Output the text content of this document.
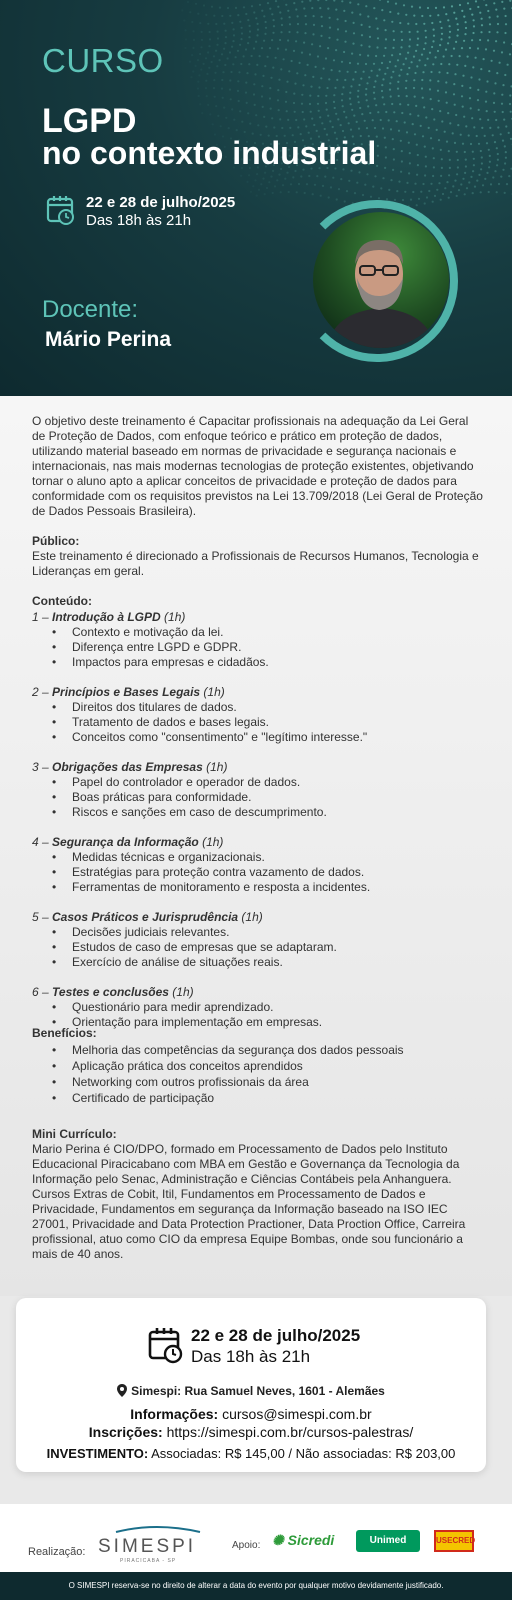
CURSO
LGPD
no contexto industrial
22 e 28 de julho/2025
Das 18h às 21h
Docente:
Mário Perina
O objetivo deste treinamento é Capacitar profissionais na adequação da Lei Geral de Proteção de Dados, com enfoque teórico e prático em proteção de dados, utilizando material baseado em normas de privacidade e segurança nacionais e internacionais, nas mais modernas tecnologias de proteção existentes, objetivando tornar o aluno apto a aplicar conceitos de privacidade e proteção de dados para conformidade com os requisitos previstos na Lei 13.709/2018 (Lei Geral de Proteção de Dados Pessoais Brasileira).
Público:
Este treinamento é direcionado a Profissionais de Recursos Humanos, Tecnologia e Lideranças em geral.
Conteúdo:
1 – Introdução à LGPD (1h)
• Contexto e motivação da lei.
• Diferença entre LGPD e GDPR.
• Impactos para empresas e cidadãos.
2 – Princípios e Bases Legais (1h)
• Direitos dos titulares de dados.
• Tratamento de dados e bases legais.
• Conceitos como "consentimento" e "legítimo interesse."
3 – Obrigações das Empresas (1h)
• Papel do controlador e operador de dados.
• Boas práticas para conformidade.
• Riscos e sanções em caso de descumprimento.
4 – Segurança da Informação (1h)
• Medidas técnicas e organizacionais.
• Estratégias para proteção contra vazamento de dados.
• Ferramentas de monitoramento e resposta a incidentes.
5 – Casos Práticos e Jurisprudência (1h)
• Decisões judiciais relevantes.
• Estudos de caso de empresas que se adaptaram.
• Exercício de análise de situações reais.
6 – Testes e conclusões (1h)
• Questionário para medir aprendizado.
• Orientação para implementação em empresas.
Benefícios:
• Melhoria das competências da segurança dos dados pessoais
• Aplicação prática dos conceitos aprendidos
• Networking com outros profissionais da área
• Certificado de participação
Mini Currículo:
Mario Perina é CIO/DPO, formado em Processamento de Dados pelo Instituto Educacional Piracicabano com MBA em Gestão e Governança da Tecnologia da Informação pelo Senac, Administração e Ciências Contábeis pela Anhanguera. Cursos Extras de Cobit, Itil, Fundamentos em Processamento de Dados e Privacidade, Fundamentos em segurança da Informação baseado na ISO IEC 27001, Privacidade and Data Protection Practioner, Data Proction Office, Carreira profissional, atuo como CIO da empresa Equipe Bombas, onde sou funcionário a mais de 40 anos.
22 e 28 de julho/2025
Das 18h às 21h
Simespi: Rua Samuel Neves, 1601 - Alemães
Informações: cursos@simespi.com.br
Inscrições: https://simespi.com.br/cursos-palestras/
INVESTIMENTO: Associadas: R$ 145,00 / Não associadas: R$ 203,00
Realização: SIMESPI
PIRACICABA - SP
Apoio: ✺ Sicredi	Unimed	USECRED
O SIMESPI reserva-se no direito de alterar a data do evento por qualquer motivo devidamente justificado.
